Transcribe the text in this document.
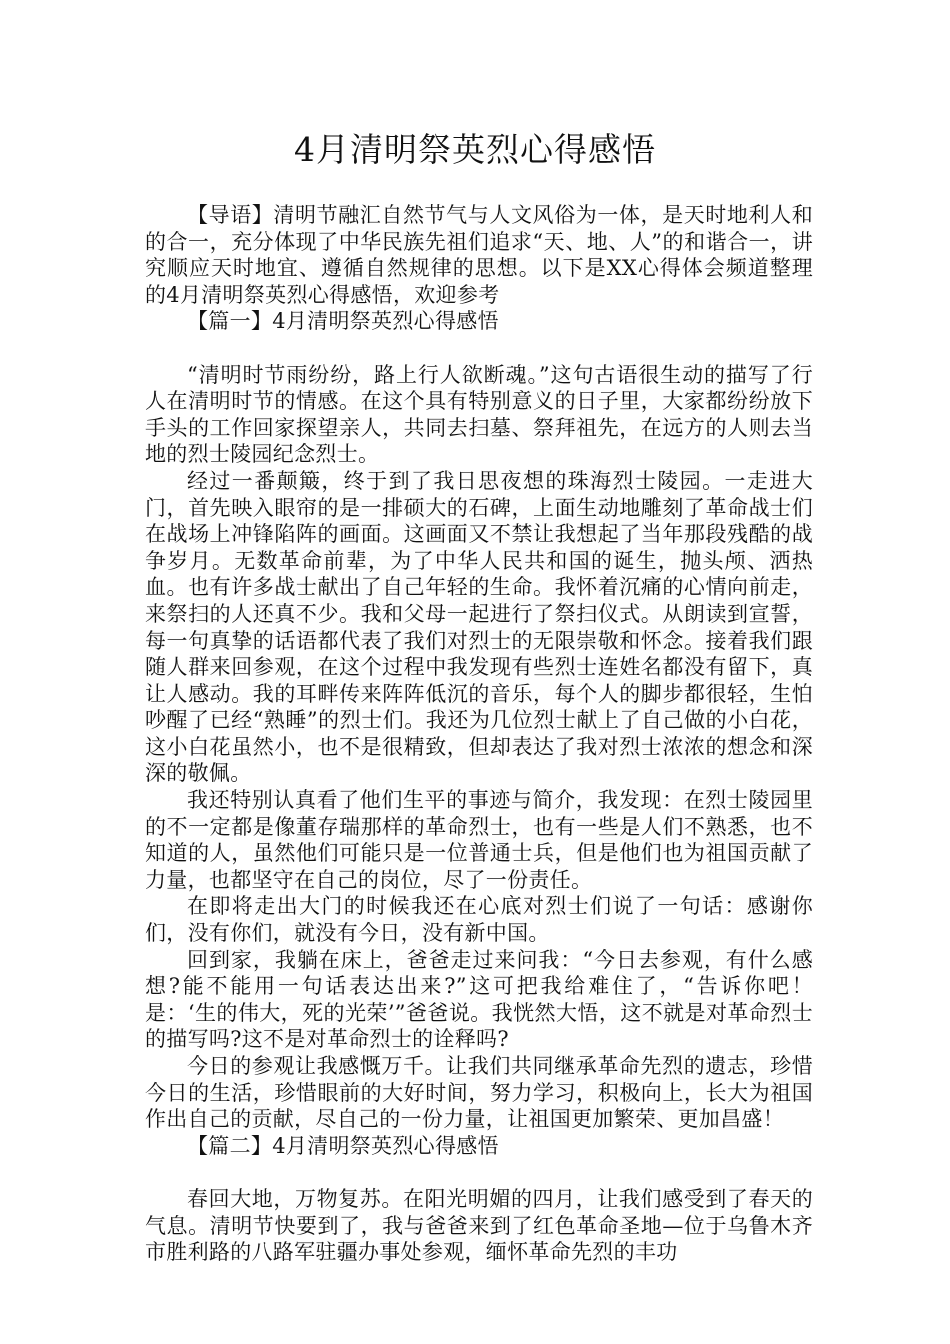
4月清明祭英烈心得感悟

【导语】清明节融汇自然节气与人文风俗为一体，是天时地利人和的合一，充分体现了中华民族先祖们追求“天、地、人”的和谐合一，讲究顺应天时地宜、遵循自然规律的思想。以下是XX心得体会频道整理的4月清明祭英烈心得感悟，欢迎参考

【篇一】4月清明祭英烈心得感悟

“清明时节雨纷纷，路上行人欲断魂。”这句古语很生动的描写了行人在清明时节的情感。在这个具有特别意义的日子里，大家都纷纷放下手头的工作回家探望亲人，共同去扫墓、祭拜祖先，在远方的人则去当地的烈士陵园纪念烈士。

经过一番颠簸，终于到了我日思夜想的珠海烈士陵园。一走进大门，首先映入眼帘的是一排硕大的石碑，上面生动地雕刻了革命战士们在战场上冲锋陷阵的画面。这画面又不禁让我想起了当年那段残酷的战争岁月。无数革命前辈，为了中华人民共和国的诞生，抛头颅、洒热血。也有许多战士献出了自己年轻的生命。我怀着沉痛的心情向前走，来祭扫的人还真不少。我和父母一起进行了祭扫仪式。从朗读到宣誓，每一句真挚的话语都代表了我们对烈士的无限崇敬和怀念。接着我们跟随人群来回参观，在这个过程中我发现有些烈士连姓名都没有留下，真让人感动。我的耳畔传来阵阵低沉的音乐，每个人的脚步都很轻，生怕吵醒了已经“熟睡”的烈士们。我还为几位烈士献上了自己做的小白花，这小白花虽然小，也不是很精致，但却表达了我对烈士浓浓的想念和深深的敬佩。

我还特别认真看了他们生平的事迹与简介，我发现：在烈士陵园里的不一定都是像董存瑞那样的革命烈士，也有一些是人们不熟悉，也不知道的人，虽然他们可能只是一位普通士兵，但是他们也为祖国贡献了力量，也都坚守在自己的岗位，尽了一份责任。

在即将走出大门的时候我还在心底对烈士们说了一句话：感谢你们，没有你们，就没有今日，没有新中国。

回到家，我躺在床上，爸爸走过来问我：“今日去参观，有什么感想?能不能用一句话表达出来?”这可把我给难住了，“告诉你吧！是：‘生的伟大，死的光荣’”爸爸说。我恍然大悟，这不就是对革命烈士的描写吗?这不是对革命烈士的诠释吗?

今日的参观让我感慨万千。让我们共同继承革命先烈的遗志，珍惜今日的生活，珍惜眼前的大好时间，努力学习，积极向上，长大为祖国作出自己的贡献，尽自己的一份力量，让祖国更加繁荣、更加昌盛！

【篇二】4月清明祭英烈心得感悟

春回大地，万物复苏。在阳光明媚的四月，让我们感受到了春天的气息。清明节快要到了，我与爸爸来到了红色革命圣地—位于乌鲁木齐市胜利路的八路军驻疆办事处参观，缅怀革命先烈的丰功
